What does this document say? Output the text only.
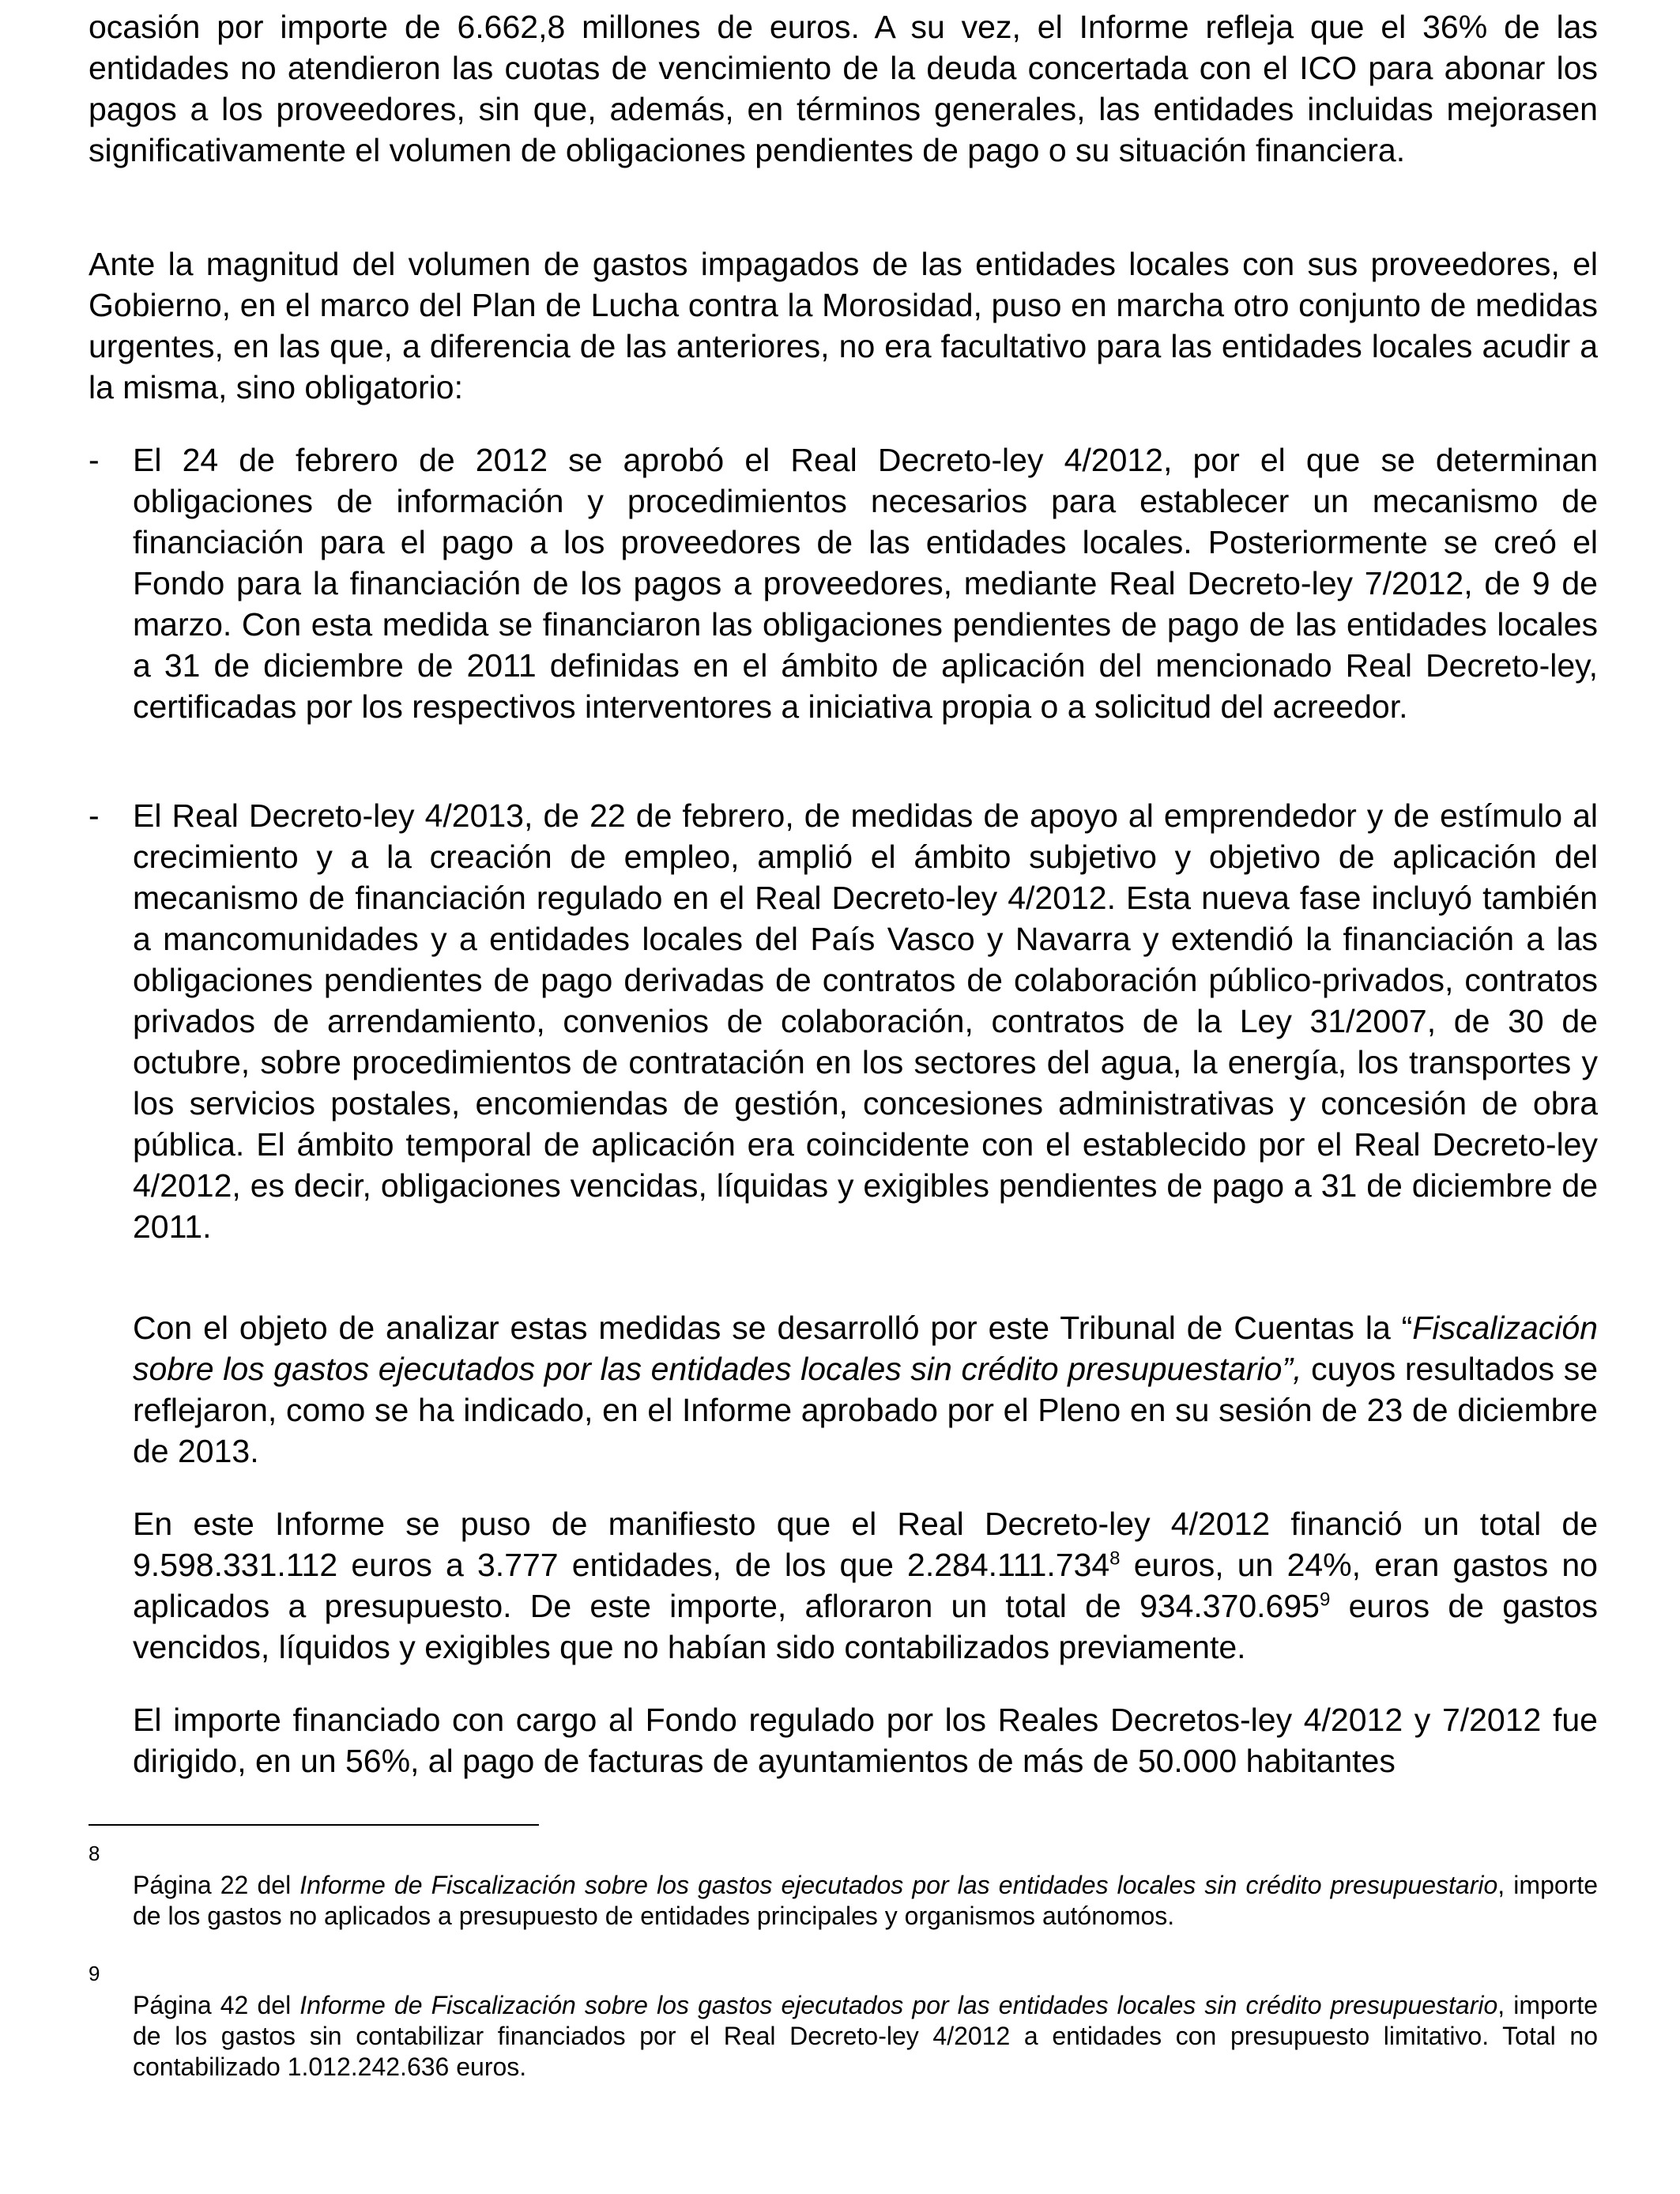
ocasión por importe de 6.662,8 millones de euros. A su vez, el Informe refleja que el 36% de las entidades no atendieron las cuotas de vencimiento de la deuda concertada con el ICO para abonar los pagos a los proveedores, sin que, además, en términos generales, las entidades incluidas mejorasen significativamente el volumen de obligaciones pendientes de pago o su situación financiera.

Ante la magnitud del volumen de gastos impagados de las entidades locales con sus proveedores, el Gobierno, en el marco del Plan de Lucha contra la Morosidad, puso en marcha otro conjunto de medidas urgentes, en las que, a diferencia de las anteriores, no era facultativo para las entidades locales acudir a la misma, sino obligatorio:

- El 24 de febrero de 2012 se aprobó el Real Decreto-ley 4/2012, por el que se determinan obligaciones de información y procedimientos necesarios para establecer un mecanismo de financiación para el pago a los proveedores de las entidades locales. Posteriormente se creó el Fondo para la financiación de los pagos a proveedores, mediante Real Decreto-ley 7/2012, de 9 de marzo. Con esta medida se financiaron las obligaciones pendientes de pago de las entidades locales a 31 de diciembre de 2011 definidas en el ámbito de aplicación del mencionado Real Decreto-ley, certificadas por los respectivos interventores a iniciativa propia o a solicitud del acreedor.

- El Real Decreto-ley 4/2013, de 22 de febrero, de medidas de apoyo al emprendedor y de estímulo al crecimiento y a la creación de empleo, amplió el ámbito subjetivo y objetivo de aplicación del mecanismo de financiación regulado en el Real Decreto-ley 4/2012. Esta nueva fase incluyó también a mancomunidades y a entidades locales del País Vasco y Navarra y extendió la financiación a las obligaciones pendientes de pago derivadas de contratos de colaboración público-privados, contratos privados de arrendamiento, convenios de colaboración, contratos de la Ley 31/2007, de 30 de octubre, sobre procedimientos de contratación en los sectores del agua, la energía, los transportes y los servicios postales, encomiendas de gestión, concesiones administrativas y concesión de obra pública. El ámbito temporal de aplicación era coincidente con el establecido por el Real Decreto-ley 4/2012, es decir, obligaciones vencidas, líquidas y exigibles pendientes de pago a 31 de diciembre de 2011.

Con el objeto de analizar estas medidas se desarrolló por este Tribunal de Cuentas la “Fiscalización sobre los gastos ejecutados por las entidades locales sin crédito presupuestario”, cuyos resultados se reflejaron, como se ha indicado, en el Informe aprobado por el Pleno en su sesión de 23 de diciembre de 2013.

En este Informe se puso de manifiesto que el Real Decreto-ley 4/2012 financió un total de 9.598.331.112 euros a 3.777 entidades, de los que 2.284.111.734$^8$ euros, un 24%, eran gastos no aplicados a presupuesto. De este importe, afloraron un total de 934.370.695$^9$ euros de gastos vencidos, líquidos y exigibles que no habían sido contabilizados previamente.

El importe financiado con cargo al Fondo regulado por los Reales Decretos-ley 4/2012 y 7/2012 fue dirigido, en un 56%, al pago de facturas de ayuntamientos de más de 50.000 habitantes

8

Página 22 del Informe de Fiscalización sobre los gastos ejecutados por las entidades locales sin crédito presupuestario, importe de los gastos no aplicados a presupuesto de entidades principales y organismos autónomos.

9

Página 42 del Informe de Fiscalización sobre los gastos ejecutados por las entidades locales sin crédito presupuestario, importe de los gastos sin contabilizar financiados por el Real Decreto-ley 4/2012 a entidades con presupuesto limitativo. Total no contabilizado 1.012.242.636 euros.
